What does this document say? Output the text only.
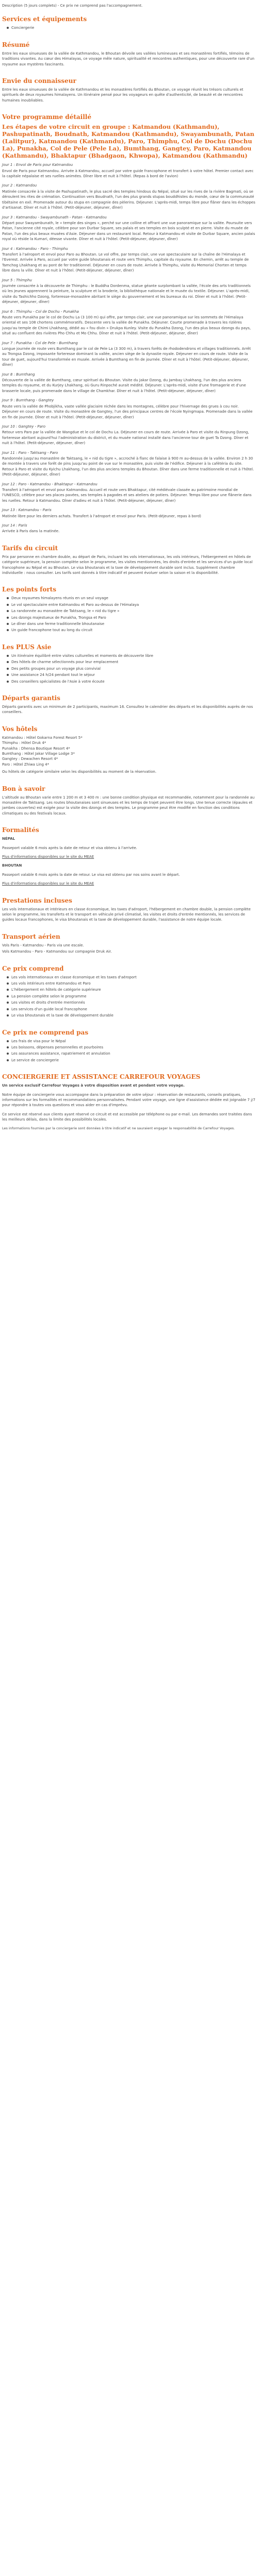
Description (5 jours complets) - Ce prix ne comprend pas l'accompagnement.

Services et équipements
Conciergerie
Résumé

Entre les eaux sinueuses de la vallée de Kathmandou, le Bhoutan dévoile ses vallées lumineuses et ses monastères fortifiés, témoins de traditions vivantes. Au cœur des Himalayas, ce voyage mêle nature, spiritualité et rencontres authentiques, pour une découverte rare d'un royaume aux mystères fascinants.

Envie du connaisseur

Entre les eaux sinueuses de la vallée de Kathmandou et les monastères fortifiés du Bhoutan, ce voyage réunit les trésors culturels et spirituels de deux royaumes himalayens. Un itinéraire pensé pour les voyageurs en quête d'authenticité, de beauté et de rencontres humaines inoubliables.

Votre programme détaillé
Les étapes de votre circuit en groupe : Katmandou (Kathmandu), Pashupatinath, Boudnath, Katmandou (Kathmandu), Swayambunath, Patan (Lalitpur), Katmandou (Kathmandu), Paro, Thimphu, Col de Dochu (Dochu La), Punakha, Col de Pele (Pele La), Bumthang, Gangtey, Paro, Katmandou (Kathmandu), Bhaktapur (Bhadgaon, Khwopa), Katmandou (Kathmandu)

Jour 1 : Envol de Paris pour Katmandou

Envol de Paris pour Katmandou. Arrivée à Katmandou, accueil par votre guide francophone et transfert à votre hôtel. Premier contact avec la capitale népalaise et ses ruelles animées. Dîner libre et nuit à l'hôtel. (Repas à bord de l'avion)

Jour 2 : Katmandou

Matinée consacrée à la visite de Pashupatinath, le plus sacré des temples hindous du Népal, situé sur les rives de la rivière Bagmati, où se déroulent les rites de crémation. Continuation vers Boudnath, l'un des plus grands stupas bouddhistes du monde, cœur de la communauté tibétaine en exil. Promenade autour du stupa en compagnie des pèlerins. Déjeuner. L'après-midi, temps libre pour flâner dans les échoppes d'artisanat. Dîner et nuit à l'hôtel. (Petit-déjeuner, déjeuner, dîner)

Jour 3 : Katmandou - Swayambunath - Patan - Katmandou

Départ pour Swayambunath, le « temple des singes », perché sur une colline et offrant une vue panoramique sur la vallée. Poursuite vers Patan, l'ancienne cité royale, célèbre pour son Durbar Square, ses palais et ses temples en bois sculpté et en pierre. Visite du musée de Patan, l'un des plus beaux musées d'Asie. Déjeuner dans un restaurant local. Retour à Katmandou et visite de Durbar Square, ancien palais royal où réside la Kumari, déesse vivante. Dîner et nuit à l'hôtel. (Petit-déjeuner, déjeuner, dîner)

Jour 4 : Katmandou - Paro - Thimphu

Transfert à l'aéroport et envol pour Paro au Bhoutan. Le vol offre, par temps clair, une vue spectaculaire sur la chaîne de l'Himalaya et l'Everest. Arrivée à Paro, accueil par votre guide bhoutanais et route vers Thimphu, capitale du royaume. En chemin, arrêt au temple de Tamchog Lhakhang et au pont de fer traditionnel. Déjeuner en cours de route. Arrivée à Thimphu, visite du Memorial Chorten et temps libre dans la ville. Dîner et nuit à l'hôtel. (Petit-déjeuner, déjeuner, dîner)

Jour 5 : Thimphu

Journée consacrée à la découverte de Thimphu : le Buddha Dordenma, statue géante surplombant la vallée, l'école des arts traditionnels où les jeunes apprennent la peinture, la sculpture et la broderie, la bibliothèque nationale et le musée du textile. Déjeuner. L'après-midi, visite du Tashichho Dzong, forteresse-monastère abritant le siège du gouvernement et les bureaux du roi. Dîner et nuit à l'hôtel. (Petit-déjeuner, déjeuner, dîner)

Jour 6 : Thimphu - Col de Dochu - Punakha

Route vers Punakha par le col de Dochu La (3 100 m) qui offre, par temps clair, une vue panoramique sur les sommets de l'Himalaya oriental et ses 108 chortens commémoratifs. Descente vers la vallée de Punakha. Déjeuner. Courte promenade à travers les rizières jusqu'au temple de Chimi Lhakhang, dédié au « fou divin » Drukpa Kunley. Visite du Punakha Dzong, l'un des plus beaux dzongs du pays, situé au confluent des rivières Pho Chhu et Mo Chhu. Dîner et nuit à l'hôtel. (Petit-déjeuner, déjeuner, dîner)

Jour 7 : Punakha - Col de Pele - Bumthang

Longue journée de route vers Bumthang par le col de Pele La (3 300 m), à travers forêts de rhododendrons et villages traditionnels. Arrêt au Trongsa Dzong, imposante forteresse dominant la vallée, ancien siège de la dynastie royale. Déjeuner en cours de route. Visite de la tour de guet, aujourd'hui transformée en musée. Arrivée à Bumthang en fin de journée. Dîner et nuit à l'hôtel. (Petit-déjeuner, déjeuner, dîner)

Jour 8 : Bumthang

Découverte de la vallée de Bumthang, cœur spirituel du Bhoutan. Visite du Jakar Dzong, du Jambay Lhakhang, l'un des plus anciens temples du royaume, et du Kurjey Lhakhang, où Guru Rinpoché aurait médité. Déjeuner. L'après-midi, visite d'une fromagerie et d'une brasserie locale, puis promenade dans le village de Chamkhar. Dîner et nuit à l'hôtel. (Petit-déjeuner, déjeuner, dîner)

Jour 9 : Bumthang - Gangtey

Route vers la vallée de Phobjikha, vaste vallée glaciaire nichée dans les montagnes, célèbre pour l'hivernage des grues à cou noir. Déjeuner en cours de route. Visite du monastère de Gangtey, l'un des principaux centres de l'école Nyingmapa. Promenade dans la vallée en fin de journée. Dîner et nuit à l'hôtel. (Petit-déjeuner, déjeuner, dîner)

Jour 10 : Gangtey - Paro

Retour vers Paro par la vallée de Wangdue et le col de Dochu La. Déjeuner en cours de route. Arrivée à Paro et visite du Rinpung Dzong, forteresse abritant aujourd'hui l'administration du district, et du musée national installé dans l'ancienne tour de guet Ta Dzong. Dîner et nuit à l'hôtel. (Petit-déjeuner, déjeuner, dîner)

Jour 11 : Paro - Taktsang - Paro

Randonnée jusqu'au monastère de Taktsang, le « nid du tigre », accroché à flanc de falaise à 900 m au-dessus de la vallée. Environ 2 h 30 de montée à travers une forêt de pins jusqu'au point de vue sur le monastère, puis visite de l'édifice. Déjeuner à la cafétéria du site. Retour à Paro et visite du Kyichu Lhakhang, l'un des plus anciens temples du Bhoutan. Dîner dans une ferme traditionnelle et nuit à l'hôtel. (Petit-déjeuner, déjeuner, dîner)

Jour 12 : Paro - Katmandou - Bhaktapur - Katmandou

Transfert à l'aéroport et envol pour Katmandou. Accueil et route vers Bhaktapur, cité médiévale classée au patrimoine mondial de l'UNESCO, célèbre pour ses places pavées, ses temples à pagodes et ses ateliers de potiers. Déjeuner. Temps libre pour une flânerie dans les ruelles. Retour à Katmandou. Dîner d'adieu et nuit à l'hôtel. (Petit-déjeuner, déjeuner, dîner)

Jour 13 : Katmandou - Paris

Matinée libre pour les derniers achats. Transfert à l'aéroport et envol pour Paris. (Petit-déjeuner, repas à bord)

Jour 14 : Paris

Arrivée à Paris dans la matinée.

Tarifs du circuit

Prix par personne en chambre double, au départ de Paris, incluant les vols internationaux, les vols intérieurs, l'hébergement en hôtels de catégorie supérieure, la pension complète selon le programme, les visites mentionnées, les droits d'entrée et les services d'un guide local francophone au Népal et au Bhoutan. Le visa bhoutanais et la taxe de développement durable sont inclus. Supplément chambre individuelle : nous consulter. Les tarifs sont donnés à titre indicatif et peuvent évoluer selon la saison et la disponibilité.

Les points forts
Deux royaumes himalayens réunis en un seul voyage
Le vol spectaculaire entre Katmandou et Paro au-dessus de l'Himalaya
La randonnée au monastère de Taktsang, le « nid du tigre »
Les dzongs majestueux de Punakha, Trongsa et Paro
Le dîner dans une ferme traditionnelle bhoutanaise
Un guide francophone tout au long du circuit
Les PLUS Asie
Un itinéraire équilibré entre visites culturelles et moments de découverte libre
Des hôtels de charme sélectionnés pour leur emplacement
Des petits groupes pour un voyage plus convivial
Une assistance 24 h/24 pendant tout le séjour
Des conseillers spécialistes de l'Asie à votre écoute
Départs garantis

Départs garantis avec un minimum de 2 participants, maximum 16. Consultez le calendrier des départs et les disponibilités auprès de nos conseillers.

Vos hôtels
Katmandou : Hôtel Gokarna Forest Resort 5*
Thimphu : Hôtel Druk 4*
Punakha : Dhensa Boutique Resort 4*
Bumthang : Hôtel Jakar Village Lodge 3*
Gangtey : Dewachen Resort 4*
Paro : Hôtel Zhiwa Ling 4*

Ou hôtels de catégorie similaire selon les disponibilités au moment de la réservation.

Bon à savoir

L'altitude au Bhoutan varie entre 1 200 m et 3 400 m : une bonne condition physique est recommandée, notamment pour la randonnée au monastère de Taktsang. Les routes bhoutanaises sont sinueuses et les temps de trajet peuvent être longs. Une tenue correcte (épaules et jambes couvertes) est exigée pour la visite des dzongs et des temples. Le programme peut être modifié en fonction des conditions climatiques ou des festivals locaux.

Formalités

NÉPAL

Passeport valable 6 mois après la date de retour et visa obtenu à l'arrivée.

Plus d'informations disponibles sur le site du MEAE

BHOUTAN

Passeport valable 6 mois après la date de retour. Le visa est obtenu par nos soins avant le départ.

Plus d'informations disponibles sur le site du MEAE

Prestations incluses

Les vols internationaux et intérieurs en classe économique, les taxes d'aéroport, l'hébergement en chambre double, la pension complète selon le programme, les transferts et le transport en véhicule privé climatisé, les visites et droits d'entrée mentionnés, les services de guides locaux francophones, le visa bhoutanais et la taxe de développement durable, l'assistance de notre équipe locale.

Transport aérien

Vols Paris - Katmandou - Paris via une escale.

Vols Katmandou - Paro - Katmandou sur compagnie Druk Air.

Ce prix comprend
Les vols internationaux en classe économique et les taxes d'aéroport
Les vols intérieurs entre Katmandou et Paro
L'hébergement en hôtels de catégorie supérieure
La pension complète selon le programme
Les visites et droits d'entrée mentionnés
Les services d'un guide local francophone
Le visa bhoutanais et la taxe de développement durable
Ce prix ne comprend pas
Les frais de visa pour le Népal
Les boissons, dépenses personnelles et pourboires
Les assurances assistance, rapatriement et annulation
Le service de conciergerie
CONCIERGERIE ET ASSISTANCE CARREFOUR VOYAGES

Un service exclusif Carrefour Voyages à votre disposition avant et pendant votre voyage.

Notre équipe de conciergerie vous accompagne dans la préparation de votre séjour : réservation de restaurants, conseils pratiques, informations sur les formalités et recommandations personnalisées. Pendant votre voyage, une ligne d'assistance dédiée est joignable 7 j/7 pour répondre à toutes vos questions et vous aider en cas d'imprévu.

Ce service est réservé aux clients ayant réservé ce circuit et est accessible par téléphone ou par e-mail. Les demandes sont traitées dans les meilleurs délais, dans la limite des possibilités locales.

Les informations fournies par la conciergerie sont données à titre indicatif et ne sauraient engager la responsabilité de Carrefour Voyages.
